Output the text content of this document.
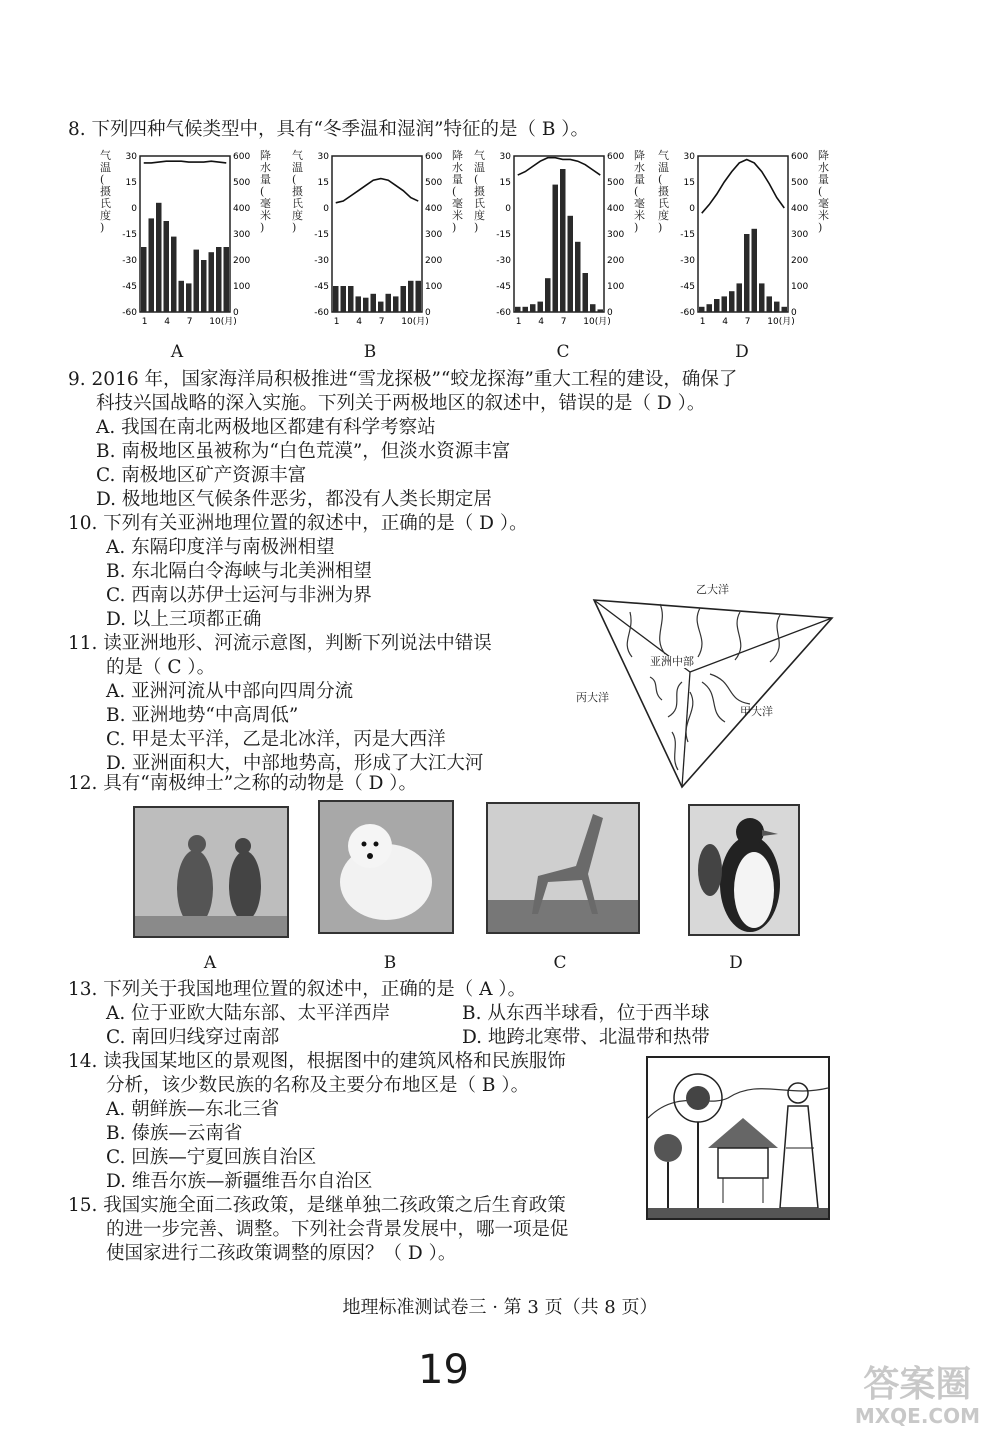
8. 下列四种气候类型中，具有“冬季温和湿润”特征的是（ B ）。
气
温
(
摄
氏
度
)
降
水
量
(
毫
米
)
30
15
0
-15
-30
-45
-60
600
500
400
300
200
100
0
1 4 7 10(月)
气
温
(
摄
氏
度
)
降
水
量
(
毫
米
)
30
15
0
-15
-30
-45
-60
600
500
400
300
200
100
0
1 4 7 10(月)
气
温
(
摄
氏
度
)
降
水
量
(
毫
米
)
30
15
0
-15
-30
-45
-60
600
500
400
300
200
100
0
1 4 7 10(月)
气
温
(
摄
氏
度
)
降
水
量
(
毫
米
)
30
15
0
-15
-30
-45
-60
600
500
400
300
200
100
0
1 4 7 10(月)
A	B	C	D
9. 2016 年，国家海洋局积极推进“雪龙探极”“蛟龙探海”重大工程的建设，确保了
科技兴国战略的深入实施。下列关于两极地区的叙述中，错误的是（ D ）。
A. 我国在南北两极地区都建有科学考察站
B. 南极地区虽被称为“白色荒漠”，但淡水资源丰富
C. 南极地区矿产资源丰富
D. 极地地区气候条件恶劣，都没有人类长期定居
10. 下列有关亚洲地理位置的叙述中，正确的是（ D ）。
A. 东隔印度洋与南极洲相望
B. 东北隔白令海峡与北美洲相望
C. 西南以苏伊士运河与非洲为界
D. 以上三项都正确
11. 读亚洲地形、河流示意图，判断下列说法中错误
的是（ C ）。
A. 亚洲河流从中部向四周分流
B. 亚洲地势“中高周低”
C. 甲是太平洋，乙是北冰洋，丙是大西洋
D. 亚洲面积大，中部地势高，形成了大江大河
乙大洋
亚洲中部
丙大洋
甲大洋
12. 具有“南极绅士”之称的动物是（ D ）。
A	B	C	D
13. 下列关于我国地理位置的叙述中，正确的是（ A ）。
A. 位于亚欧大陆东部、太平洋西岸	B. 从东西半球看，位于西半球
C. 南回归线穿过南部	D. 地跨北寒带、北温带和热带
14. 读我国某地区的景观图，根据图中的建筑风格和民族服饰
分析，该少数民族的名称及主要分布地区是（ B ）。
A. 朝鲜族—东北三省
B. 傣族—云南省
C. 回族—宁夏回族自治区
D. 维吾尔族—新疆维吾尔自治区
15. 我国实施全面二孩政策，是继单独二孩政策之后生育政策
的进一步完善、调整。下列社会背景发展中，哪一项是促
使国家进行二孩政策调整的原因？（ D ）。
地理标准测试卷三 · 第 3 页（共 8 页）
19	答案圈
MXQE.COM
